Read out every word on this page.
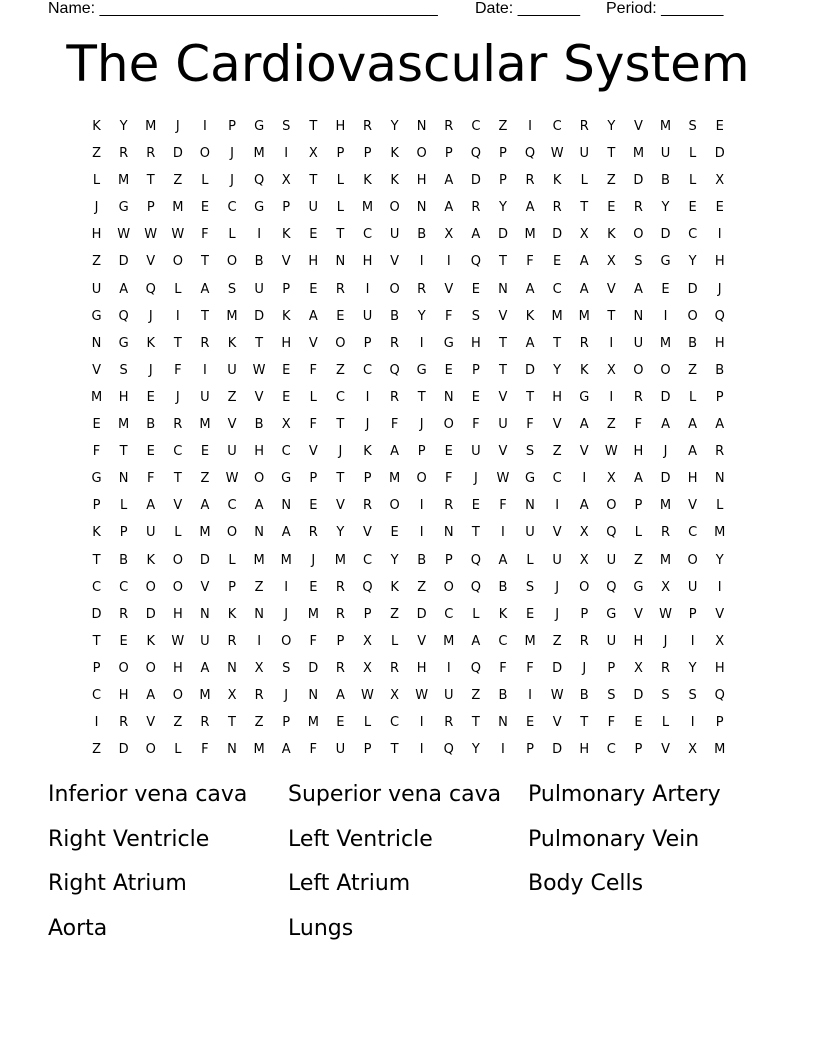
Name: ______________________________________ Date: _______ Period: _______
The Cardiovascular System
K	Y	M	J	I	P	G	S	T	H	R	Y	N	R	C	Z	I	C	R	Y	V	M	S	E
Z	R	R	D	O	J	M	I	X	P	P	K	O	P	Q	P	Q	W	U	T	M	U	L	D
L	M	T	Z	L	J	Q	X	T	L	K	K	H	A	D	P	R	K	L	Z	D	B	L	X
J	G	P	M	E	C	G	P	U	L	M	O	N	A	R	Y	A	R	T	E	R	Y	E	E
H	W	W	W	F	L	I	K	E	T	C	U	B	X	A	D	M	D	X	K	O	D	C	I
Z	D	V	O	T	O	B	V	H	N	H	V	I	I	Q	T	F	E	A	X	S	G	Y	H
U	A	Q	L	A	S	U	P	E	R	I	O	R	V	E	N	A	C	A	V	A	E	D	J
G	Q	J	I	T	M	D	K	A	E	U	B	Y	F	S	V	K	M	M	T	N	I	O	Q
N	G	K	T	R	K	T	H	V	O	P	R	I	G	H	T	A	T	R	I	U	M	B	H
V	S	J	F	I	U	W	E	F	Z	C	Q	G	E	P	T	D	Y	K	X	O	O	Z	B
M	H	E	J	U	Z	V	E	L	C	I	R	T	N	E	V	T	H	G	I	R	D	L	P
E	M	B	R	M	V	B	X	F	T	J	F	J	O	F	U	F	V	A	Z	F	A	A	A
F	T	E	C	E	U	H	C	V	J	K	A	P	E	U	V	S	Z	V	W	H	J	A	R
G	N	F	T	Z	W	O	G	P	T	P	M	O	F	J	W	G	C	I	X	A	D	H	N
P	L	A	V	A	C	A	N	E	V	R	O	I	R	E	F	N	I	A	O	P	M	V	L
K	P	U	L	M	O	N	A	R	Y	V	E	I	N	T	I	U	V	X	Q	L	R	C	M
T	B	K	O	D	L	M	M	J	M	C	Y	B	P	Q	A	L	U	X	U	Z	M	O	Y
C	C	O	O	V	P	Z	I	E	R	Q	K	Z	O	Q	B	S	J	O	Q	G	X	U	I
D	R	D	H	N	K	N	J	M	R	P	Z	D	C	L	K	E	J	P	G	V	W	P	V
T	E	K	W	U	R	I	O	F	P	X	L	V	M	A	C	M	Z	R	U	H	J	I	X
P	O	O	H	A	N	X	S	D	R	X	R	H	I	Q	F	F	D	J	P	X	R	Y	H
C	H	A	O	M	X	R	J	N	A	W	X	W	U	Z	B	I	W	B	S	D	S	S	Q
I	R	V	Z	R	T	Z	P	M	E	L	C	I	R	T	N	E	V	T	F	E	L	I	P
Z	D	O	L	F	N	M	A	F	U	P	T	I	Q	Y	I	P	D	H	C	P	V	X	M
Inferior vena cava	Superior vena cava	Pulmonary Artery
Right Ventricle	Left Ventricle	Pulmonary Vein
Right Atrium	Left Atrium	Body Cells
Aorta	Lungs
